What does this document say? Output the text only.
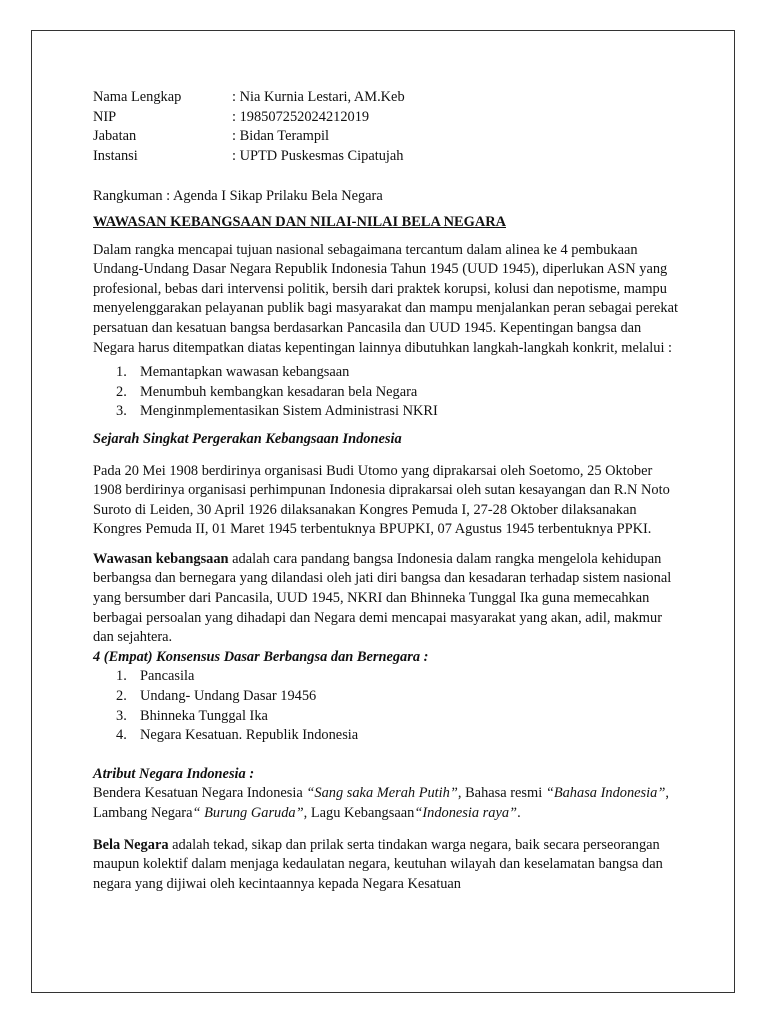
Nama Lengkap	: Nia Kurnia Lestari, AM.Keb
NIP	: 198507252024212019
Jabatan	: Bidan Terampil
Instansi	: UPTD Puskesmas Cipatujah

Rangkuman : Agenda I Sikap Prilaku Bela Negara

WAWASAN KEBANGSAAN DAN NILAI-NILAI BELA NEGARA

Dalam rangka mencapai tujuan nasional sebagaimana tercantum dalam alinea ke 4 pembukaan Undang-Undang Dasar Negara Republik Indonesia Tahun 1945 (UUD 1945), diperlukan ASN yang profesional, bebas dari intervensi politik, bersih dari praktek korupsi, kolusi dan nepotisme, mampu menyelenggarakan pelayanan publik bagi masyarakat dan mampu menjalankan peran sebagai perekat persatuan dan kesatuan bangsa berdasarkan Pancasila dan UUD 1945. Kepentingan bangsa dan Negara harus ditempatkan diatas kepentingan lainnya dibutuhkan langkah-langkah konkrit, melalui :

1. Memantapkan wawasan kebangsaan
2. Menumbuh kembangkan kesadaran bela Negara
3. Menginmplementasikan Sistem Administrasi NKRI

Sejarah Singkat Pergerakan Kebangsaan Indonesia

Pada 20 Mei 1908 berdirinya organisasi Budi Utomo yang diprakarsai oleh Soetomo, 25 Oktober 1908 berdirinya organisasi perhimpunan Indonesia diprakarsai oleh sutan kesayangan dan R.N Noto Suroto di Leiden, 30 April 1926 dilaksanakan Kongres Pemuda I, 27-28 Oktober dilaksanakan Kongres Pemuda II, 01 Maret 1945 terbentuknya BPUPKI, 07 Agustus 1945 terbentuknya PPKI.

Wawasan kebangsaan adalah cara pandang bangsa Indonesia dalam rangka mengelola kehidupan berbangsa dan bernegara yang dilandasi oleh jati diri bangsa dan kesadaran terhadap sistem nasional yang bersumber dari Pancasila, UUD 1945, NKRI dan Bhinneka Tunggal Ika guna memecahkan berbagai persoalan yang dihadapi dan Negara demi mencapai masyarakat yang akan, adil, makmur dan sejahtera.

4 (Empat) Konsensus Dasar Berbangsa dan Bernegara :

1. Pancasila
2. Undang- Undang Dasar 19456
3. Bhinneka Tunggal Ika
4. Negara Kesatuan. Republik Indonesia

Atribut Negara Indonesia :

Bendera Kesatuan Negara Indonesia “Sang saka Merah Putih”, Bahasa resmi “Bahasa Indonesia”, Lambang Negara“ Burung Garuda”, Lagu Kebangsaan“Indonesia raya”.

Bela Negara adalah tekad, sikap dan prilak serta tindakan warga negara, baik secara perseorangan maupun kolektif dalam menjaga kedaulatan negara, keutuhan wilayah dan keselamatan bangsa dan negara yang dijiwai oleh kecintaannya kepada Negara Kesatuan
